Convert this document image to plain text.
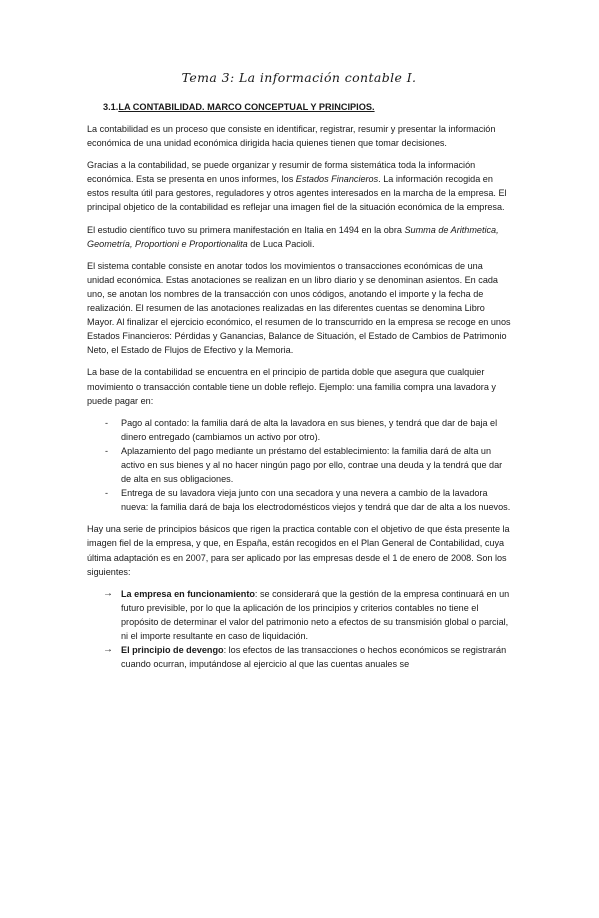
Tema 3: La información contable I.
3.1.LA CONTABILIDAD. MARCO CONCEPTUAL Y PRINCIPIOS.

La contabilidad es un proceso que consiste en identificar, registrar, resumir y presentar la información económica de una unidad económica dirigida hacia quienes tienen que tomar decisiones.

Gracias a la contabilidad, se puede organizar y resumir de forma sistemática toda la información económica. Esta se presenta en unos informes, los Estados Financieros. La información recogida en estos resulta útil para gestores, reguladores y otros agentes interesados en la marcha de la empresa. El principal objetico de la contabilidad es reflejar una imagen fiel de la situación económica de la empresa.

El estudio científico tuvo su primera manifestación en Italia en 1494 en la obra Summa de Arithmetica, Geometría, Proportioni e Proportionalita de Luca Pacioli.

El sistema contable consiste en anotar todos los movimientos o transacciones económicas de una unidad económica. Estas anotaciones se realizan en un libro diario y se denominan asientos. En cada uno, se anotan los nombres de la transacción con unos códigos, anotando el importe y la fecha de realización. El resumen de las anotaciones realizadas en las diferentes cuentas se denomina Libro Mayor. Al finalizar el ejercicio económico, el resumen de lo transcurrido en la empresa se recoge en unos Estados Financieros: Pérdidas y Ganancias, Balance de Situación, el Estado de Cambios de Patrimonio Neto, el Estado de Flujos de Efectivo y la Memoria.

La base de la contabilidad se encuentra en el principio de partida doble que asegura que cualquier movimiento o transacción contable tiene un doble reflejo. Ejemplo: una familia compra una lavadora y puede pagar en:

- Pago al contado: la familia dará de alta la lavadora en sus bienes, y tendrá que dar de baja el dinero entregado (cambiamos un activo por otro).
- Aplazamiento del pago mediante un préstamo del establecimiento: la familia dará de alta un activo en sus bienes y al no hacer ningún pago por ello, contrae una deuda y la tendrá que dar de alta en sus obligaciones.
- Entrega de su lavadora vieja junto con una secadora y una nevera a cambio de la lavadora nueva: la familia dará de baja los electrodomésticos viejos y tendrá que dar de alta a los nuevos.

Hay una serie de principios básicos que rigen la practica contable con el objetivo de que ésta presente la imagen fiel de la empresa, y que, en España, están recogidos en el Plan General de Contabilidad, cuya última adaptación es en 2007, para ser aplicado por las empresas desde el 1 de enero de 2008. Son los siguientes:

→ La empresa en funcionamiento: se considerará que la gestión de la empresa continuará en un futuro previsible, por lo que la aplicación de los principios y criterios contables no tiene el propósito de determinar el valor del patrimonio neto a efectos de su transmisión global o parcial, ni el importe resultante en caso de liquidación.
→ El principio de devengo: los efectos de las transacciones o hechos económicos se registrarán cuando ocurran, imputándose al ejercicio al que las cuentas anuales se
